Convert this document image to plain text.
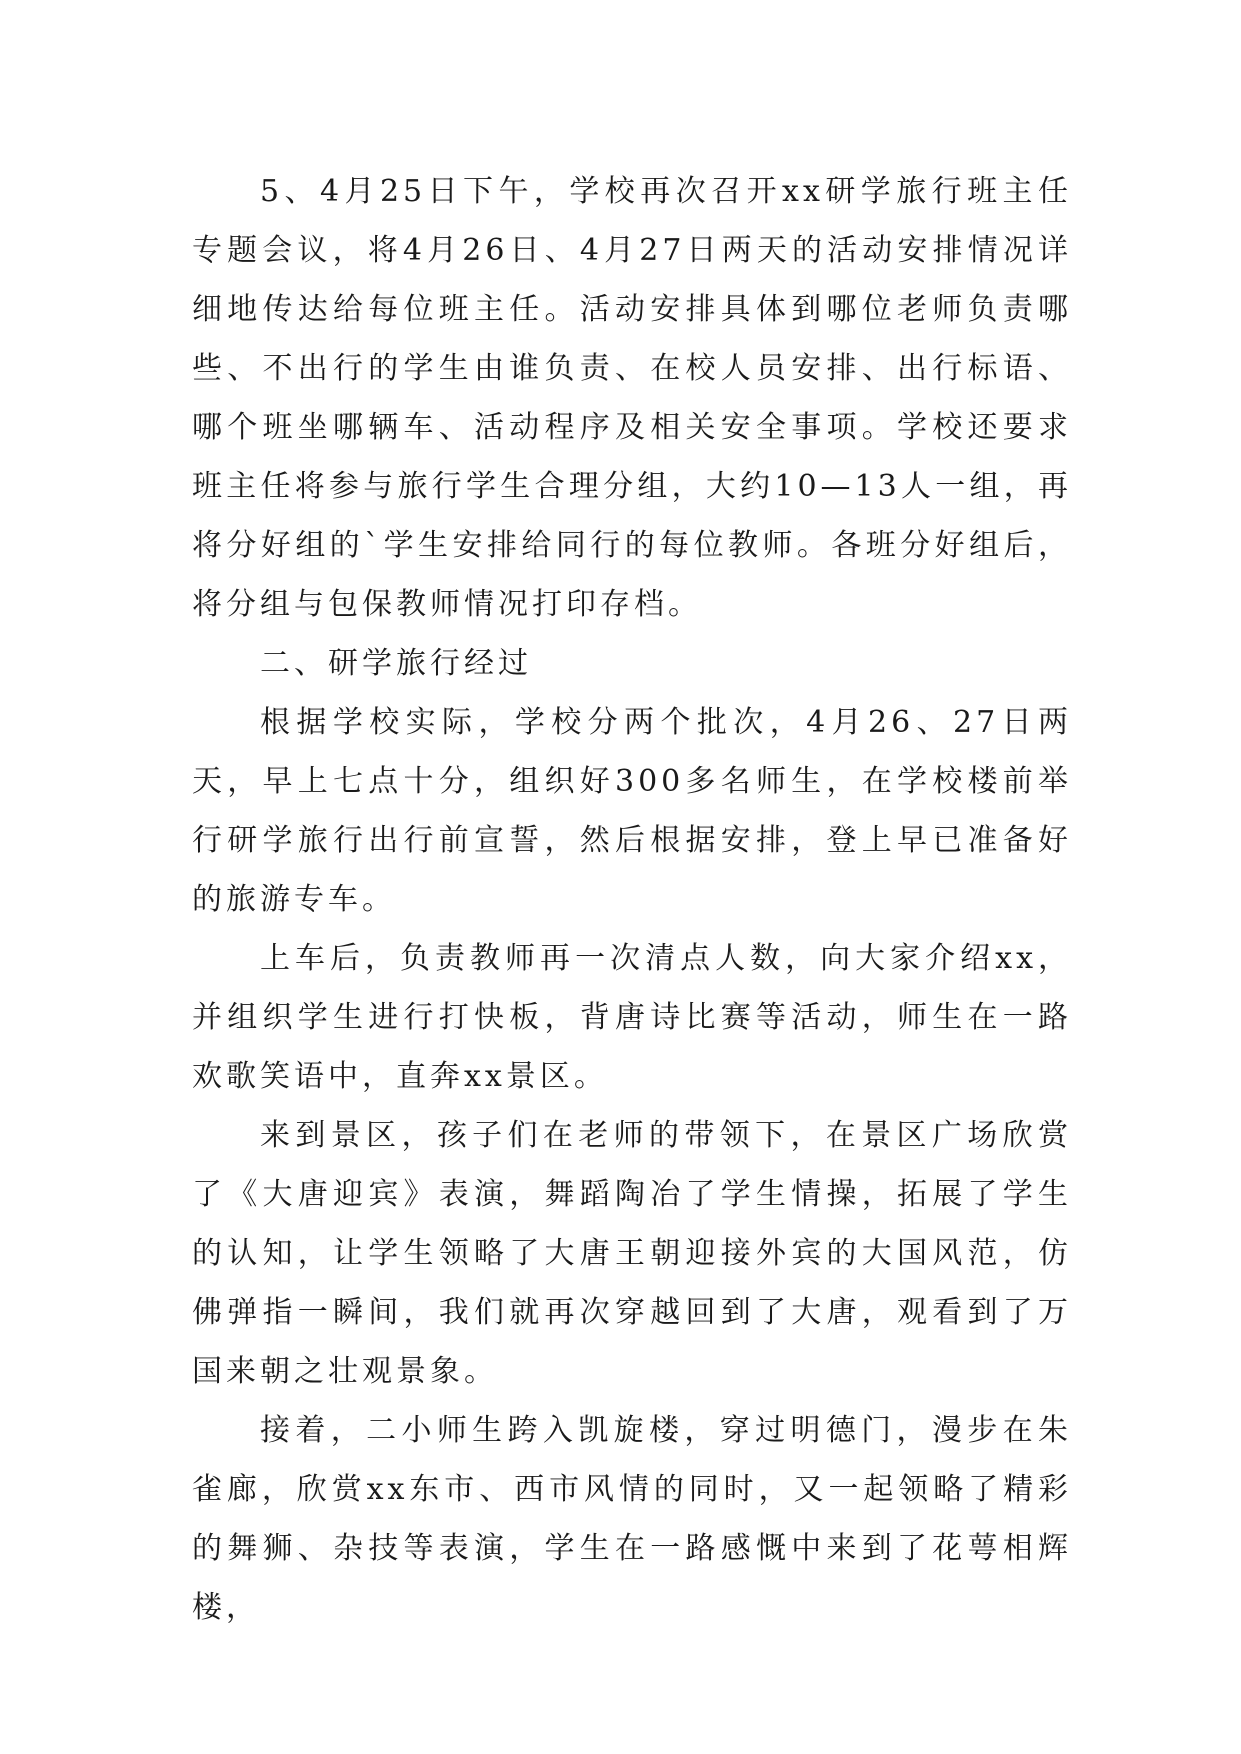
5、4月25日下午，学校再次召开xx研学旅行班主任专题会议，将4月26日、4月27日两天的活动安排情况详细地传达给每位班主任。活动安排具体到哪位老师负责哪些、不出行的学生由谁负责、在校人员安排、出行标语、哪个班坐哪辆车、活动程序及相关安全事项。学校还要求班主任将参与旅行学生合理分组，大约10—13人一组，再将分好组的`学生安排给同行的每位教师。各班分好组后，将分组与包保教师情况打印存档。

二、研学旅行经过

根据学校实际，学校分两个批次，4月26、27日两天，早上七点十分，组织好300多名师生，在学校楼前举行研学旅行出行前宣誓，然后根据安排，登上早已准备好的旅游专车。

上车后，负责教师再一次清点人数，向大家介绍xx，并组织学生进行打快板，背唐诗比赛等活动，师生在一路欢歌笑语中，直奔xx景区。

来到景区，孩子们在老师的带领下，在景区广场欣赏了《大唐迎宾》表演，舞蹈陶冶了学生情操，拓展了学生的认知，让学生领略了大唐王朝迎接外宾的大国风范，仿佛弹指一瞬间，我们就再次穿越回到了大唐，观看到了万国来朝之壮观景象。

接着，二小师生跨入凯旋楼，穿过明德门，漫步在朱雀廊，欣赏xx东市、西市风情的同时，又一起领略了精彩的舞狮、杂技等表演，学生在一路感慨中来到了花萼相辉楼，
